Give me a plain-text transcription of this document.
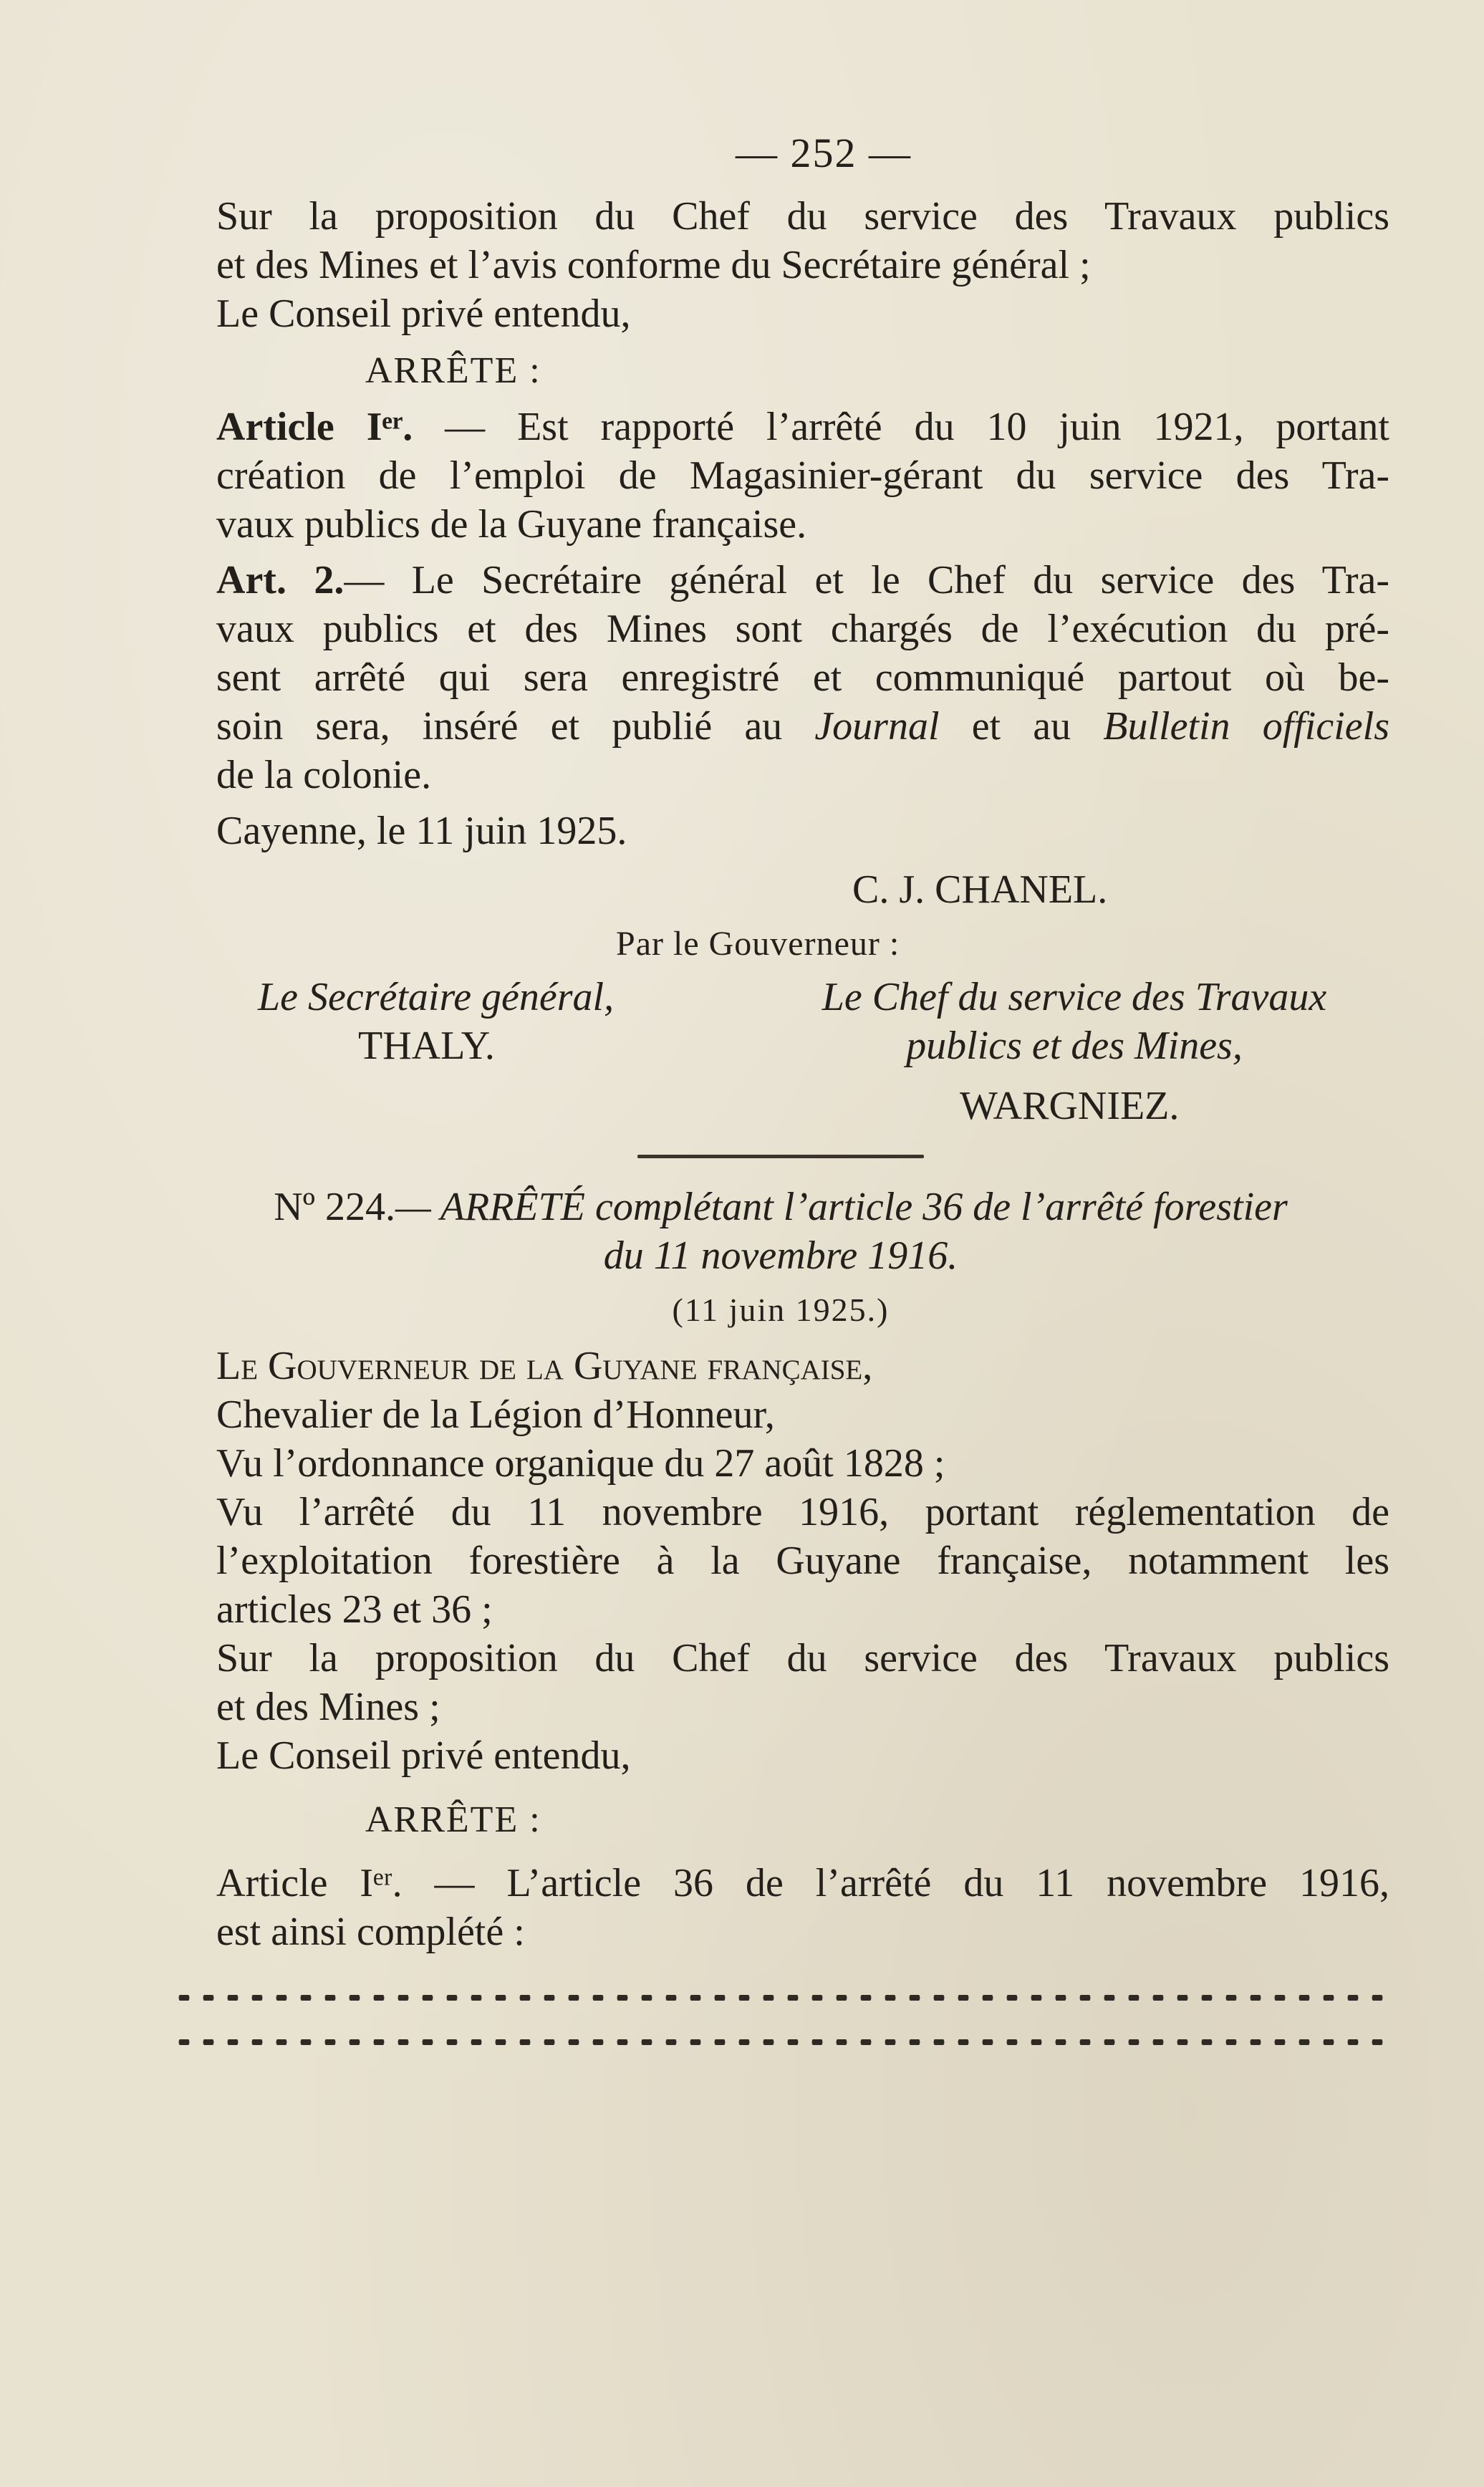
— 252 —

Sur la proposition du Chef du service des Travaux publics
et des Mines et l’avis conforme du Secrétaire général ;

Le Conseil privé entendu,

ARRÊTE :

Article Iᵉʳ. — Est rapporté l’arrêté du 10 juin 1921, portant
création de l’emploi de Magasinier-gérant du service des Tra-
vaux publics de la Guyane française.

Art. 2.— Le Secrétaire général et le Chef du service des Tra-
vaux publics et des Mines sont chargés de l’exécution du pré-
sent arrêté qui sera enregistré et communiqué partout où be-
soin sera, inséré et publié au Journal et au Bulletin officiels
de la colonie.

Cayenne, le 11 juin 1925.

C. J. CHANEL.
Par le Gouverneur :
Le Secrétaire général,
THALY.
Le Chef du service des Travaux
publics et des Mines,
WARGNIEZ.
Nº 224.— ARRÊTÉ complétant l’article 36 de l’arrêté forestier
du 11 novembre 1916.
(11 juin 1925.)

Le Gouverneur de la Guyane française,

Chevalier de la Légion d’Honneur,

Vu l’ordonnance organique du 27 août 1828 ;

Vu l’arrêté du 11 novembre 1916, portant réglementation de
l’exploitation forestière à la Guyane française, notamment les
articles 23 et 36 ;

Sur la proposition du Chef du service des Travaux publics
et des Mines ;

Le Conseil privé entendu,

ARRÊTE :

Article Iᵉʳ. — L’article 36 de l’arrêté du 11 novembre 1916,
est ainsi complété :
